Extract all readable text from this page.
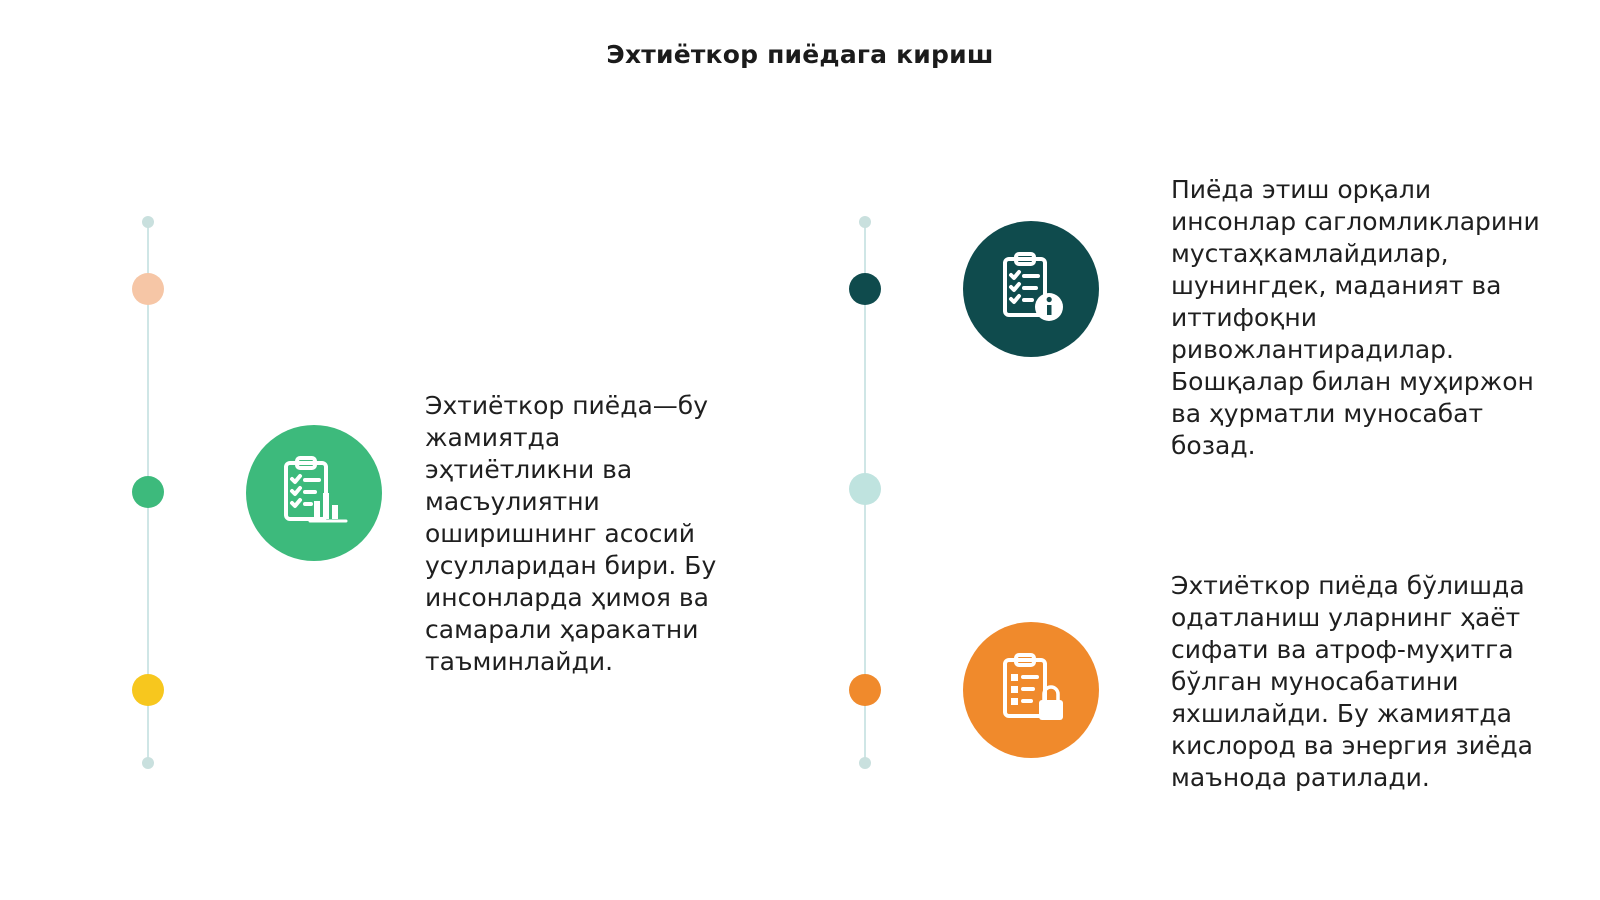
Эхтиёткор пиёдага кириш
Эхтиёткор пиёда—бу жамиятда эҳтиётликни ва масъулиятни оширишнинг асосий усулларидан бири. Бу инсонларда ҳимоя ва самарали ҳаракатни таъминлайди.
Пиёда этиш орқали инсонлар сагломликларини мустаҳкамлайдилар, шунингдек, маданият ва иттифоқни ривожлантирадилар. Бошқалар билан муҳиржон ва ҳурматли муносабат бозад.
Эхтиёткор пиёда бўлишда одатланиш уларнинг ҳаёт сифати ва атроф-муҳитга бўлган муносабатини яхшилайди. Бу жамиятда кислород ва энергия зиёда маънода ратилади.
